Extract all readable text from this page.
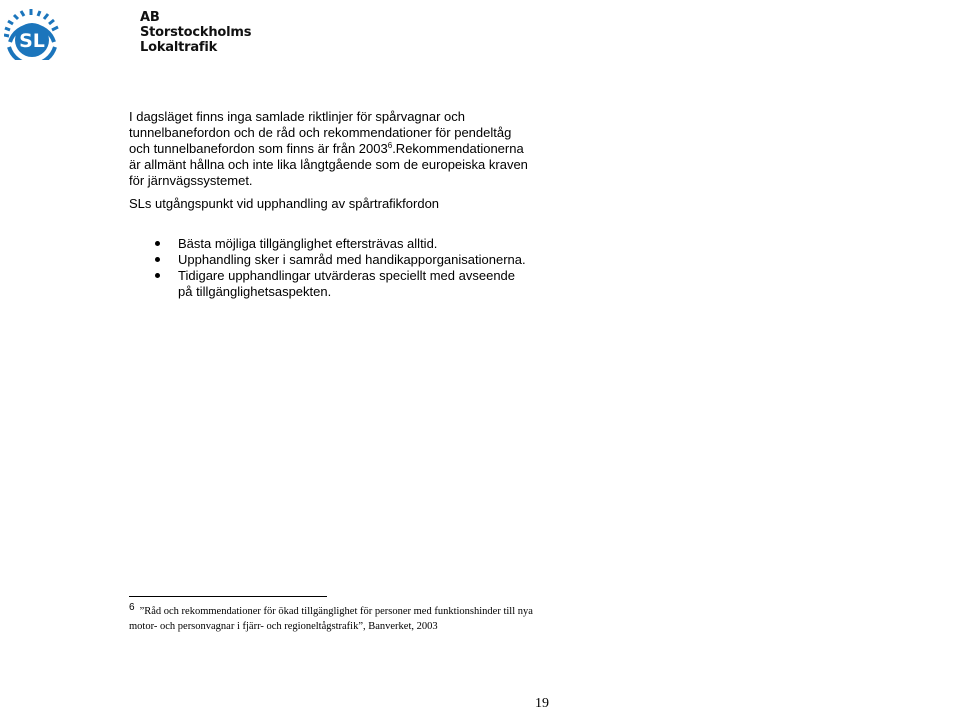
SL
AB
Storstockholms
Lokaltrafik

I dagsläget finns inga samlade riktlinjer för spårvagnar och tunnelbanefordon och de råd och rekommendationer för pendeltåg och tunnelbanefordon som finns är från 2003$^6$.Rekommendationerna är allmänt hållna och inte lika långtgående som de europeiska kraven för järnvägssystemet.

SLs utgångspunkt vid upphandling av spårtrafikfordon
Bästa möjliga tillgänglighet eftersträvas alltid.
Upphandling sker i samråd med handikapporganisationerna.
Tidigare upphandlingar utvärderas speciellt med avseende på tillgänglighetsaspekten.
6 ”Råd och rekommendationer för ökad tillgänglighet för personer med funktionshinder till nya motor- och personvagnar i fjärr- och regioneltågstrafik”, Banverket, 2003
19
